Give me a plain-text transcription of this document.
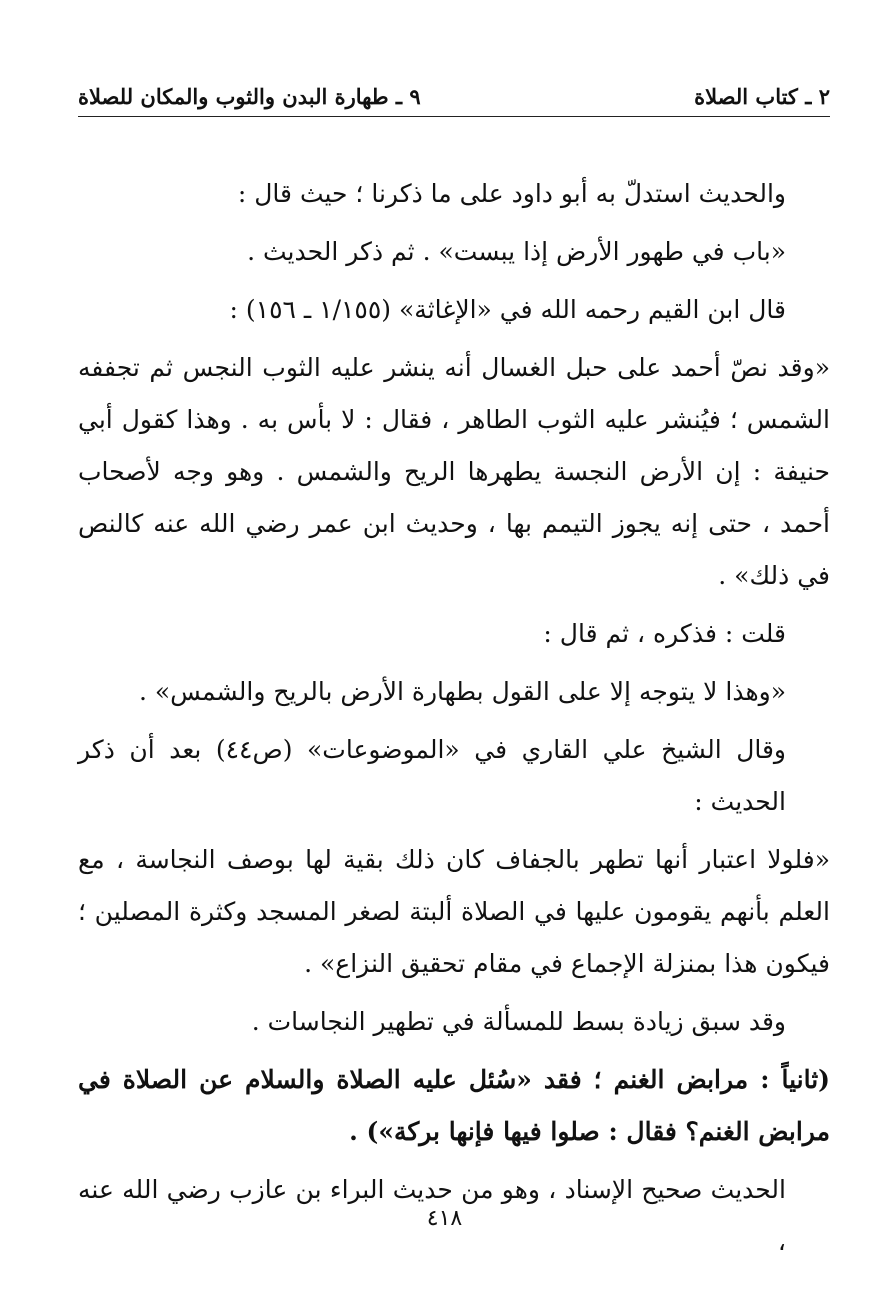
٢ ـ كتاب الصلاة
٩ ـ طهارة البدن والثوب والمكان للصلاة

والحديث استدلّ به أبو داود على ما ذكرنا ؛ حيث قال :

«باب في طهور الأرض إذا يبست» . ثم ذكر الحديث .

قال ابن القيم رحمه الله في «الإغاثة» (١/١٥٥ ـ ١٥٦) :

«وقد نصّ أحمد على حبل الغسال أنه ينشر عليه الثوب النجس ثم تجففه الشمس ؛ فيُنشر عليه الثوب الطاهر ، فقال : لا بأس به . وهذا كقول أبي حنيفة : إن الأرض النجسة يطهرها الريح والشمس . وهو وجه لأصحاب أحمد ، حتى إنه يجوز التيمم بها ، وحديث ابن عمر رضي الله عنه كالنص في ذلك» .

قلت : فذكره ، ثم قال :

«وهذا لا يتوجه إلا على القول بطهارة الأرض بالريح والشمس» .

وقال الشيخ علي القاري في «الموضوعات» (ص٤٤) بعد أن ذكر الحديث :

«فلولا اعتبار أنها تطهر بالجفاف كان ذلك بقية لها بوصف النجاسة ، مع العلم بأنهم يقومون عليها في الصلاة ألبتة لصغر المسجد وكثرة المصلين ؛ فيكون هذا بمنزلة الإجماع في مقام تحقيق النزاع» .

وقد سبق زيادة بسط للمسألة في تطهير النجاسات .

(ثانياً : مرابض الغنم ؛ فقد «سُئل عليه الصلاة والسلام عن الصلاة في مرابض الغنم؟ فقال : صلوا فيها فإنها بركة») .

الحديث صحيح الإسناد ، وهو من حديث البراء بن عازب رضي الله عنه ،

٤١٨
